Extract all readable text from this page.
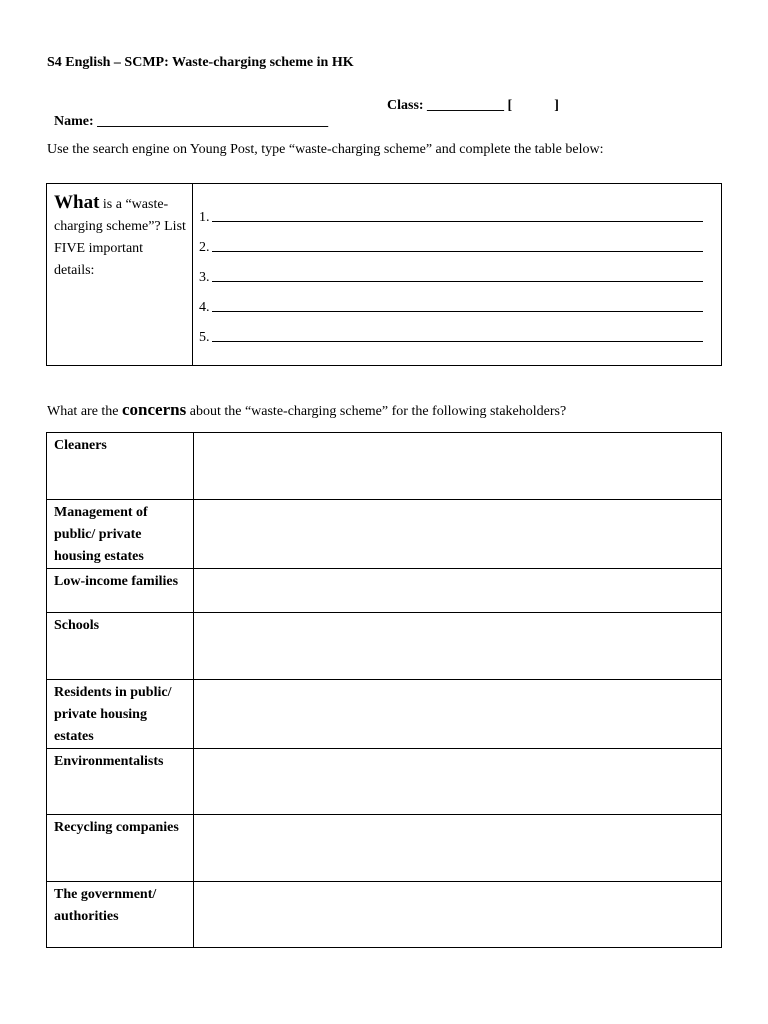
S4 English – SCMP: Waste-charging scheme in HK

Name: _________________________________

Class: ___________ [            ]

Use the search engine on Young Post, type “waste-charging scheme” and complete the table below:
What is a “waste-charging scheme”? List FIVE important details:	
1.
2.
3.
4.
5.
What are the concerns about the “waste-charging scheme” for the following stakeholders?
Cleaners	
Management of public/ private housing estates	
Low-income families	
Schools	
Residents in public/ private housing estates	
Environmentalists	
Recycling companies	
The government/ authorities	
